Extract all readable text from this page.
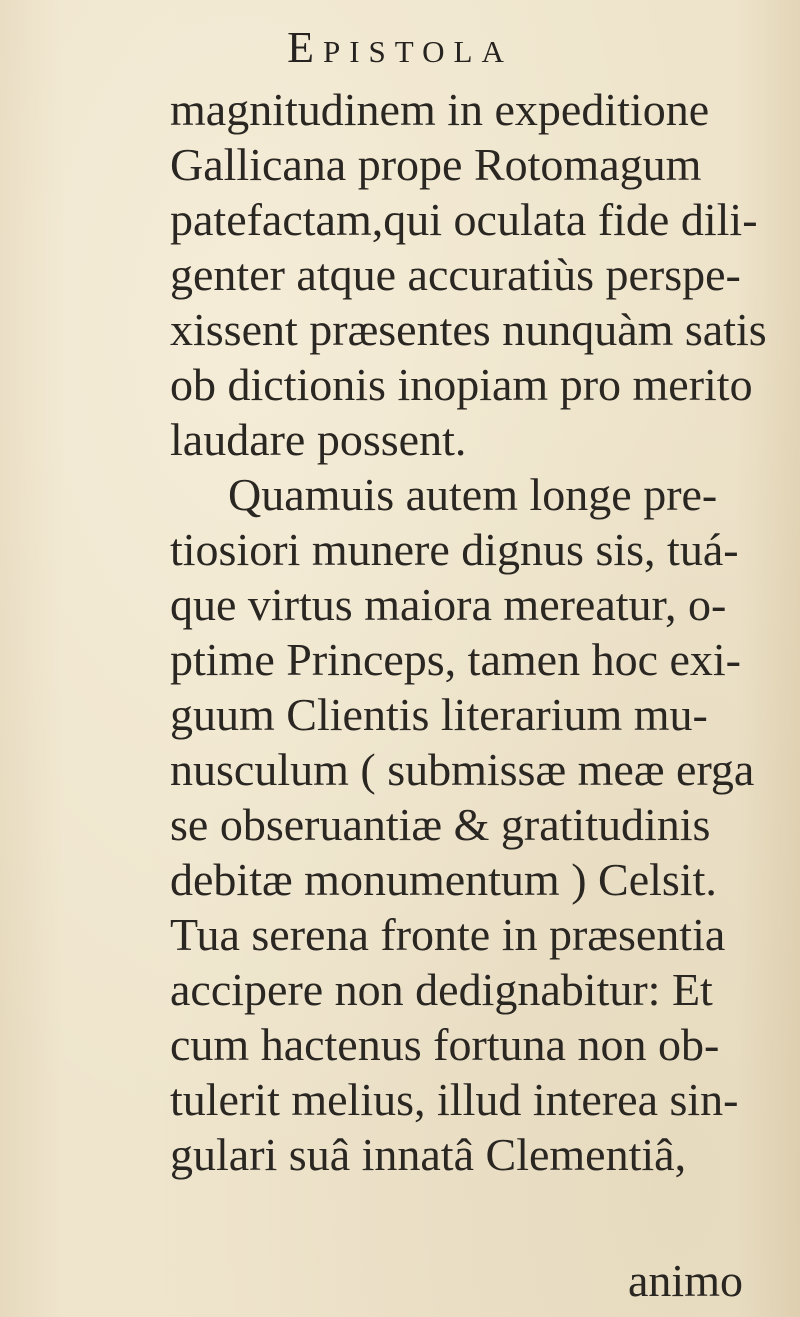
Epistola
magnitudinem in expeditione
Gallicana prope Rotomagum
patefactam,qui oculata fide dili-
genter atque accuratiùs perspe-
xissent præsentes nunquàm satis
ob dictionis inopiam pro merito
laudare possent.
Quamuis autem longe pre-
tiosiori munere dignus sis, tuá-
que virtus maiora mereatur, o-
ptime Princeps, tamen hoc exi-
guum Clientis literarium mu-
nusculum ( submissæ meæ erga
se obseruantiæ & gratitudinis
debitæ monumentum ) Celsit.
Tua serena fronte in præsentia
accipere non dedignabitur: Et
cum hactenus fortuna non ob-
tulerit melius, illud interea sin-
gulari suâ innatâ Clementiâ,
animo
